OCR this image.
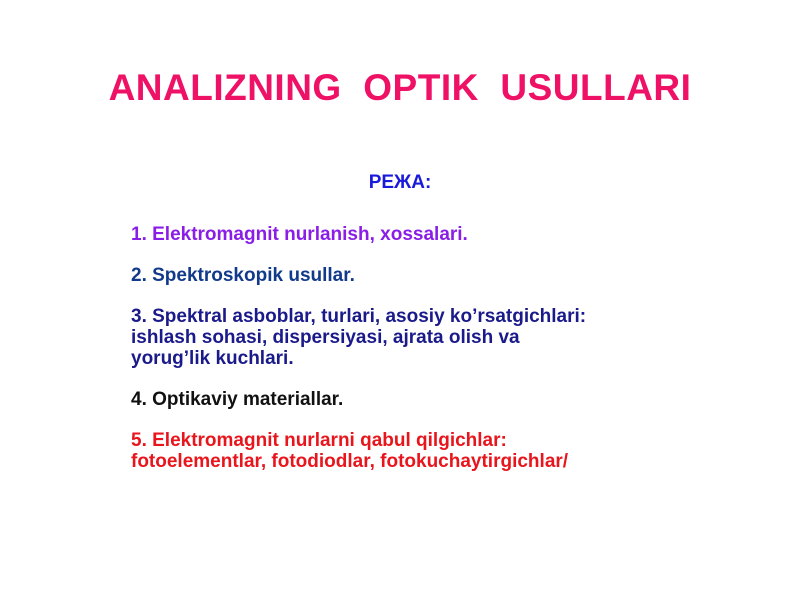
ANALIZNING  OPTIK  USULLARI
РЕЖА:
1. Elektromagnit nurlanish, xossalari.
2. Spektroskopik usullar.
3. Spektral asboblar, turlari, asosiy ko’rsatgichlari:
ishlash sohasi, dispersiyasi, ajrata olish va
yorug’lik kuchlari.
4. Optikaviy materiallar.
5. Elektromagnit nurlarni qabul qilgichlar:
fotoelementlar, fotodiodlar, fotokuchaytirgichlar/
